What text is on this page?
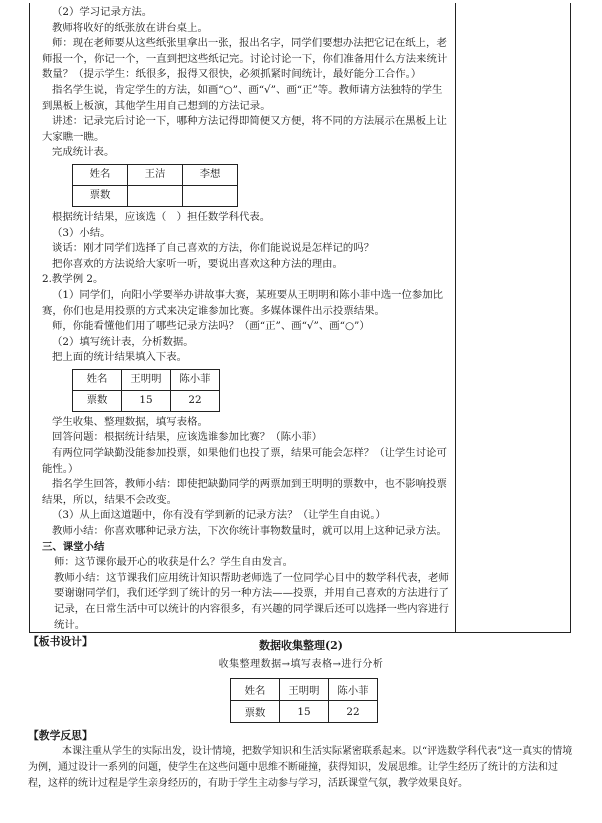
（2）学习记录方法。

教师将收好的纸张放在讲台桌上。

师：现在老师要从这些纸张里拿出一张，报出名字，同学们要想办法把它记在纸上，老师报一个，你记一个，一直到把这些纸记完。讨论讨论一下，你们准备用什么方法来统计数量？（提示学生：纸很多，报得又很快，必须抓紧时间统计，最好能分工合作。）

指名学生说，肯定学生的方法，如画“○”、画“√”、画“正”等。教师请方法独特的学生到黑板上板演，其他学生用自己想到的方法记录。

讲述：记录完后讨论一下，哪种方法记得即简便又方便，将不同的方法展示在黑板上让大家瞧一瞧。

完成统计表。

姓名	王洁	李想
票数		

根据统计结果，应该选（　）担任数学科代表。

（3）小结。

谈话：刚才同学们选择了自己喜欢的方法，你们能说说是怎样记的吗？

把你喜欢的方法说给大家听一听，要说出喜欢这种方法的理由。

2.教学例 2。

（1）同学们，向阳小学要举办讲故事大赛，某班要从王明明和陈小菲中选一位参加比赛，你们也是用投票的方式来决定谁参加比赛。多媒体课件出示投票结果。

师，你能看懂他们用了哪些记录方法吗？（画“正”、画“√”、画“○”）

（2）填写统计表，分析数据。

把上面的统计结果填入下表。

姓名	王明明	陈小菲
票数	15	22

学生收集、整理数据，填写表格。

回答问题：根据统计结果，应该选谁参加比赛？（陈小菲）

有两位同学缺勤没能参加投票，如果他们也投了票，结果可能会怎样？（让学生讨论可能性。）

指名学生回答，教师小结：即使把缺勤同学的两票加到王明明的票数中，也不影响投票结果，所以，结果不会改变。

（3）从上面这道题中，你有没有学到新的记录方法？（让学生自由说。）

教师小结：你喜欢哪种记录方法，下次你统计事物数量时，就可以用上这种记录方法。

三、课堂小结

师：这节课你最开心的收获是什么？学生自由发言。

教师小结：这节课我们应用统计知识帮助老师选了一位同学心目中的数学科代表，老师要谢谢同学们，我们还学到了统计的另一种方法——投票，并用自己喜欢的方法进行了记录，在日常生活中可以统计的内容很多，有兴趣的同学课后还可以选择一些内容进行统计。

【板书设计】	数据收集整理(2)
收集整理数据→填写表格→进行分析
姓名	王明明	陈小菲
票数	15	22
【教学反思】
本课注重从学生的实际出发，设计情境，把数学知识和生活实际紧密联系起来。以“评选数学科代表”这一真实的情境为例，通过设计一系列的问题，使学生在这些问题中思维不断碰撞，获得知识，发展思维。让学生经历了统计的方法和过程，这样的统计过程是学生亲身经历的，有助于学生主动参与学习，活跃课堂气氛，教学效果良好。
